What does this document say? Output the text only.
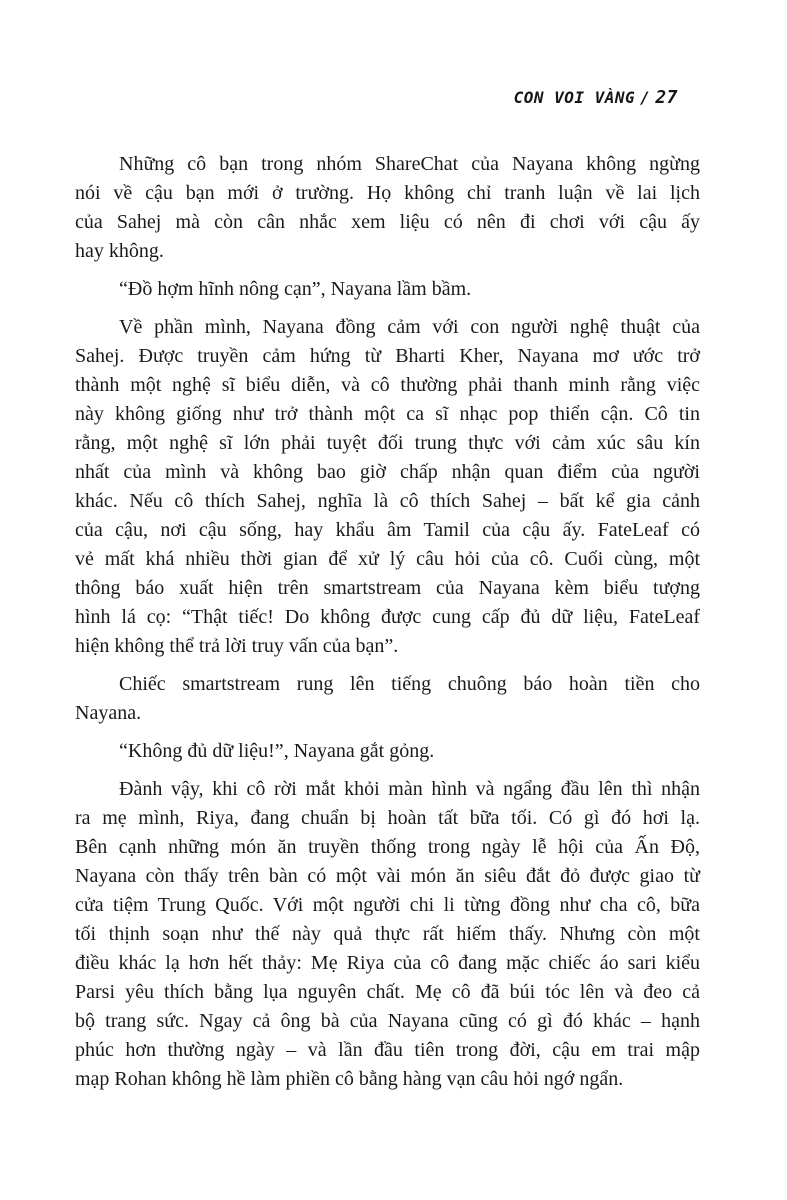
CON VOI VÀNG / 27

Những cô bạn trong nhóm ShareChat của Nayana không ngừng
nói về cậu bạn mới ở trường. Họ không chỉ tranh luận về lai lịch
của Sahej mà còn cân nhắc xem liệu có nên đi chơi với cậu ấy
hay không.

“Đồ hợm hĩnh nông cạn”, Nayana lầm bầm.

Về phần mình, Nayana đồng cảm với con người nghệ thuật của
Sahej. Được truyền cảm hứng từ Bharti Kher, Nayana mơ ước trở
thành một nghệ sĩ biểu diễn, và cô thường phải thanh minh rằng việc
này không giống như trở thành một ca sĩ nhạc pop thiển cận. Cô tin
rằng, một nghệ sĩ lớn phải tuyệt đối trung thực với cảm xúc sâu kín
nhất của mình và không bao giờ chấp nhận quan điểm của người
khác. Nếu cô thích Sahej, nghĩa là cô thích Sahej – bất kể gia cảnh
của cậu, nơi cậu sống, hay khẩu âm Tamil của cậu ấy. FateLeaf có
vẻ mất khá nhiều thời gian để xử lý câu hỏi của cô. Cuối cùng, một
thông báo xuất hiện trên smartstream của Nayana kèm biểu tượng
hình lá cọ: “Thật tiếc! Do không được cung cấp đủ dữ liệu, FateLeaf
hiện không thể trả lời truy vấn của bạn”.

Chiếc smartstream rung lên tiếng chuông báo hoàn tiền cho
Nayana.

“Không đủ dữ liệu!”, Nayana gắt gỏng.

Đành vậy, khi cô rời mắt khỏi màn hình và ngẩng đầu lên thì nhận
ra mẹ mình, Riya, đang chuẩn bị hoàn tất bữa tối. Có gì đó hơi lạ.
Bên cạnh những món ăn truyền thống trong ngày lễ hội của Ấn Độ,
Nayana còn thấy trên bàn có một vài món ăn siêu đắt đỏ được giao từ
cửa tiệm Trung Quốc. Với một người chi li từng đồng như cha cô, bữa
tối thịnh soạn như thế này quả thực rất hiếm thấy. Nhưng còn một
điều khác lạ hơn hết thảy: Mẹ Riya của cô đang mặc chiếc áo sari kiểu
Parsi yêu thích bằng lụa nguyên chất. Mẹ cô đã búi tóc lên và đeo cả
bộ trang sức. Ngay cả ông bà của Nayana cũng có gì đó khác – hạnh
phúc hơn thường ngày – và lần đầu tiên trong đời, cậu em trai mập
mạp Rohan không hề làm phiền cô bằng hàng vạn câu hỏi ngớ ngẩn.
